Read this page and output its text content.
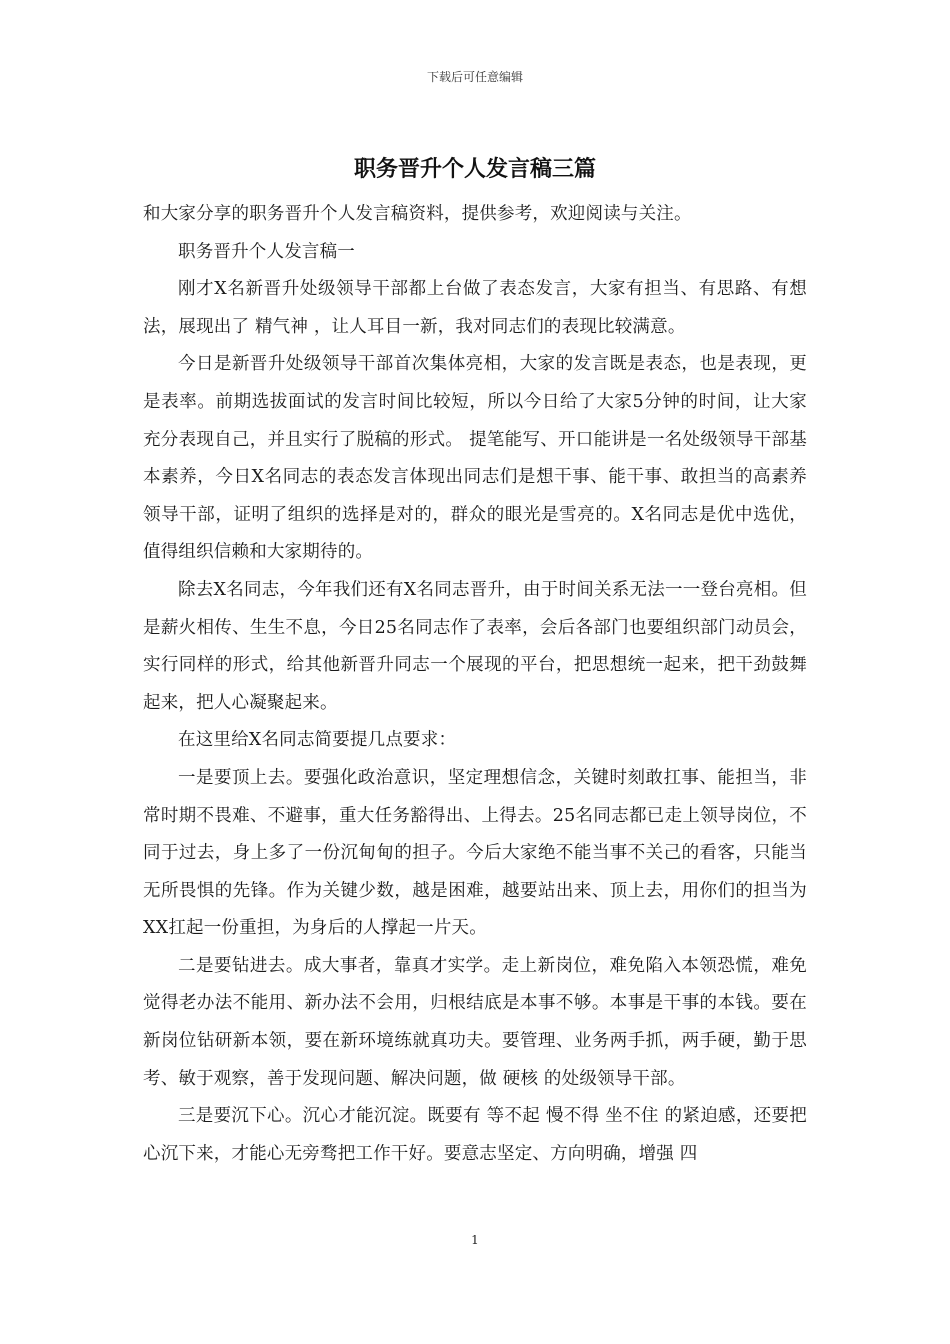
下载后可任意编辑
职务晋升个人发言稿三篇

和大家分享的职务晋升个人发言稿资料，提供参考，欢迎阅读与关注。

职务晋升个人发言稿一

刚才X名新晋升处级领导干部都上台做了表态发言，大家有担当、有思路、有想法，展现出了 精气神 ，让人耳目一新，我对同志们的表现比较满意。

今日是新晋升处级领导干部首次集体亮相，大家的发言既是表态，也是表现，更是表率。前期选拔面试的发言时间比较短，所以今日给了大家5分钟的时间，让大家充分表现自己，并且实行了脱稿的形式。 提笔能写、开口能讲是一名处级领导干部基本素养，今日X名同志的表态发言体现出同志们是想干事、能干事、敢担当的高素养领导干部，证明了组织的选择是对的，群众的眼光是雪亮的。X名同志是优中选优，值得组织信赖和大家期待的。

除去X名同志，今年我们还有X名同志晋升，由于时间关系无法一一登台亮相。但是薪火相传、生生不息，今日25名同志作了表率，会后各部门也要组织部门动员会，实行同样的形式，给其他新晋升同志一个展现的平台，把思想统一起来，把干劲鼓舞起来，把人心凝聚起来。

在这里给X名同志简要提几点要求：

一是要顶上去。要强化政治意识，坚定理想信念，关键时刻敢扛事、能担当，非常时期不畏难、不避事，重大任务豁得出、上得去。25名同志都已走上领导岗位，不同于过去，身上多了一份沉甸甸的担子。今后大家绝不能当事不关己的看客，只能当无所畏惧的先锋。作为关键少数，越是困难，越要站出来、顶上去，用你们的担当为XX扛起一份重担，为身后的人撑起一片天。

二是要钻进去。成大事者，靠真才实学。走上新岗位，难免陷入本领恐慌，难免觉得老办法不能用、新办法不会用，归根结底是本事不够。本事是干事的本钱。要在新岗位钻研新本领，要在新环境练就真功夫。要管理、业务两手抓，两手硬，勤于思考、敏于观察，善于发现问题、解决问题，做 硬核 的处级领导干部。

三是要沉下心。沉心才能沉淀。既要有 等不起 慢不得 坐不住 的紧迫感，还要把心沉下来，才能心无旁骛把工作干好。要意志坚定、方向明确，增强 四

1
